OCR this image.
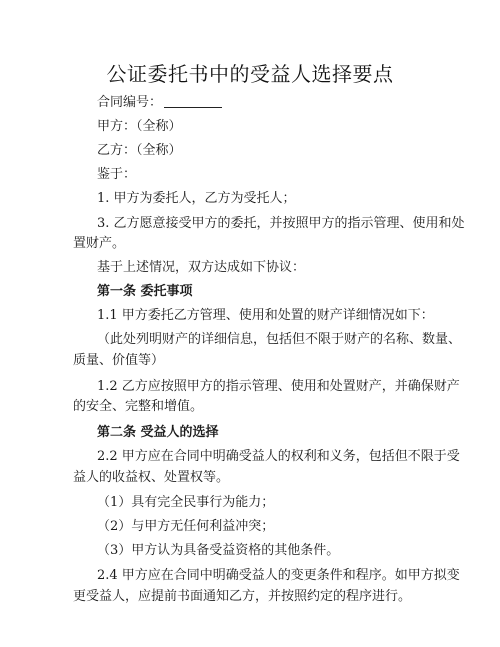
公证委托书中的受益人选择要点
合同编号：
甲方：（全称）
乙方：（全称）
鉴于：
1. 甲方为委托人，乙方为受托人；
3. 乙方愿意接受甲方的委托，并按照甲方的指示管理、使用和处
置财产。
基于上述情况，双方达成如下协议：
第一条 委托事项
1.1 甲方委托乙方管理、使用和处置的财产详细情况如下：
（此处列明财产的详细信息，包括但不限于财产的名称、数量、
质量、价值等）
1.2 乙方应按照甲方的指示管理、使用和处置财产，并确保财产
的安全、完整和增值。
第二条 受益人的选择
2.2 甲方应在合同中明确受益人的权利和义务，包括但不限于受
益人的收益权、处置权等。
（1）具有完全民事行为能力；
（2）与甲方无任何利益冲突；
（3）甲方认为具备受益资格的其他条件。
2.4 甲方应在合同中明确受益人的变更条件和程序。如甲方拟变
更受益人，应提前书面通知乙方，并按照约定的程序进行。
